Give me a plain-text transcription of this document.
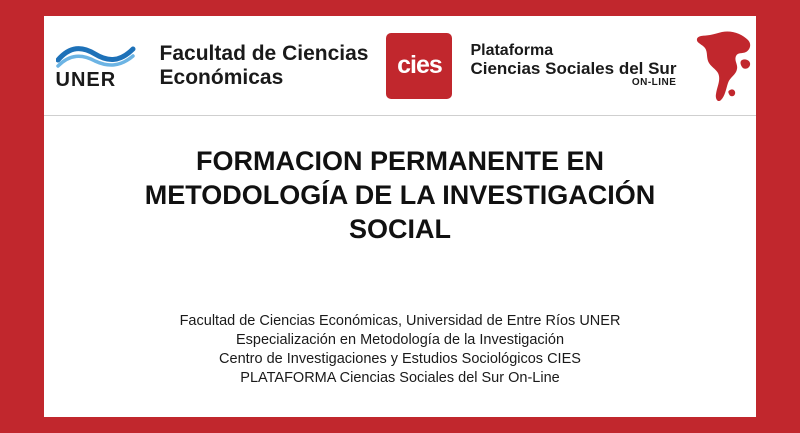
UNER
Facultad de Ciencias
Económicas	cies
Plataforma
Ciencias Sociales del Sur
ON-LINE
FORMACION PERMANENTE EN
METODOLOGÍA DE LA INVESTIGACIÓN
SOCIAL
Facultad de Ciencias Económicas, Universidad de Entre Ríos UNER
Especialización en Metodología de la Investigación
Centro de Investigaciones y Estudios Sociológicos CIES
PLATAFORMA Ciencias Sociales del Sur On-Line
